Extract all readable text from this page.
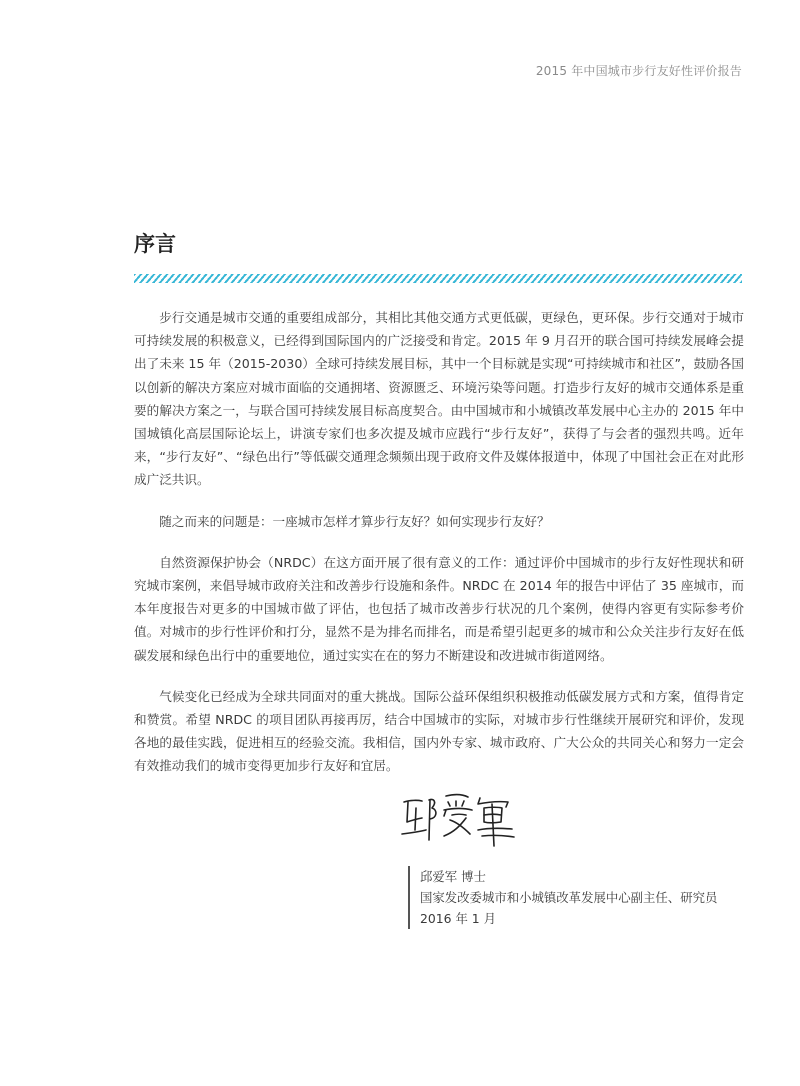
2015 年中国城市步行友好性评价报告
序言

步行交通是城市交通的重要组成部分，其相比其他交通方式更低碳，更绿色，更环保。步行交通对于城市可持续发展的积极意义，已经得到国际国内的广泛接受和肯定。2015 年 9 月召开的联合国可持续发展峰会提出了未来 15 年（2015-2030）全球可持续发展目标，其中一个目标就是实现“可持续城市和社区”，鼓励各国以创新的解决方案应对城市面临的交通拥堵、资源匮乏、环境污染等问题。打造步行友好的城市交通体系是重要的解决方案之一，与联合国可持续发展目标高度契合。由中国城市和小城镇改革发展中心主办的 2015 年中国城镇化高层国际论坛上，讲演专家们也多次提及城市应践行“步行友好”，获得了与会者的强烈共鸣。近年来，“步行友好”、“绿色出行”等低碳交通理念频频出现于政府文件及媒体报道中，体现了中国社会正在对此形成广泛共识。

随之而来的问题是：一座城市怎样才算步行友好？如何实现步行友好？

自然资源保护协会（NRDC）在这方面开展了很有意义的工作：通过评价中国城市的步行友好性现状和研究城市案例，来倡导城市政府关注和改善步行设施和条件。NRDC 在 2014 年的报告中评估了 35 座城市，而本年度报告对更多的中国城市做了评估，也包括了城市改善步行状况的几个案例，使得内容更有实际参考价值。对城市的步行性评价和打分，显然不是为排名而排名，而是希望引起更多的城市和公众关注步行友好在低碳发展和绿色出行中的重要地位，通过实实在在的努力不断建设和改进城市街道网络。

气候变化已经成为全球共同面对的重大挑战。国际公益环保组织积极推动低碳发展方式和方案，值得肯定和赞赏。希望 NRDC 的项目团队再接再厉，结合中国城市的实际，对城市步行性继续开展研究和评价，发现各地的最佳实践，促进相互的经验交流。我相信，国内外专家、城市政府、广大公众的共同关心和努力一定会有效推动我们的城市变得更加步行友好和宜居。

邱爱军 博士
国家发改委城市和小城镇改革发展中心副主任、研究员
2016 年 1 月
